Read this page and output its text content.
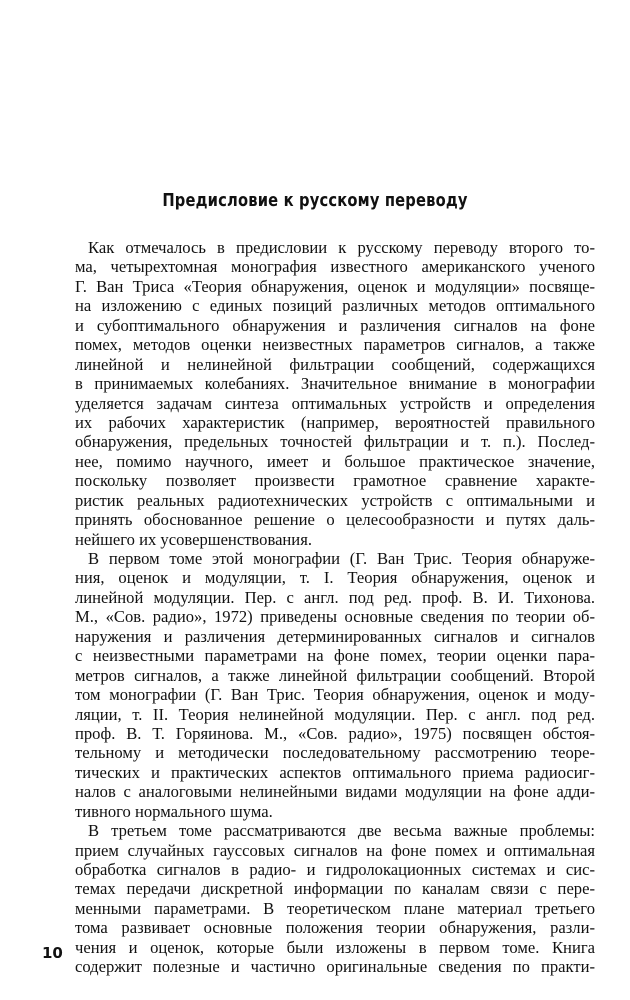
Предисловие к русскому переводу
Как отмечалось в предисловии к русскому переводу второго то-
ма, четырехтомная монография известного американского ученого
Г. Ван Триса «Теория обнаружения, оценок и модуляции» посвяще-
на изложению с единых позиций различных методов оптимального
и субоптимального обнаружения и различения сигналов на фоне
помех, методов оценки неизвестных параметров сигналов, а также
линейной и нелинейной фильтрации сообщений, содержащихся
в принимаемых колебаниях. Значительное внимание в монографии
уделяется задачам синтеза оптимальных устройств и определения
их рабочих характеристик (например, вероятностей правильного
обнаружения, предельных точностей фильтрации и т. п.). Послед-
нее, помимо научного, имеет и большое практическое значение,
поскольку позволяет произвести грамотное сравнение характе-
ристик реальных радиотехнических устройств с оптимальными и
принять обоснованное решение о целесообразности и путях даль-
нейшего их усовершенствования.
В первом томе этой монографии (Г. Ван Трис. Теория обнаруже-
ния, оценок и модуляции, т. I. Теория обнаружения, оценок и
линейной модуляции. Пер. с англ. под ред. проф. В. И. Тихонова.
М., «Сов. радио», 1972) приведены основные сведения по теории об-
наружения и различения детерминированных сигналов и сигналов
с неизвестными параметрами на фоне помех, теории оценки пара-
метров сигналов, а также линейной фильтрации сообщений. Второй
том монографии (Г. Ван Трис. Теория обнаружения, оценок и моду-
ляции, т. II. Теория нелинейной модуляции. Пер. с англ. под ред.
проф. В. Т. Горяинова. М., «Сов. радио», 1975) посвящен обстоя-
тельному и методически последовательному рассмотрению теоре-
тических и практических аспектов оптимального приема радиосиг-
налов с аналоговыми нелинейными видами модуляции на фоне адди-
тивного нормального шума.
В третьем томе рассматриваются две весьма важные проблемы:
прием случайных гауссовых сигналов на фоне помех и оптимальная
обработка сигналов в радио- и гидролокационных системах и сис-
темах передачи дискретной информации по каналам связи с пере-
менными параметрами. В теоретическом плане материал третьего
тома развивает основные положения теории обнаружения, разли-
чения и оценок, которые были изложены в первом томе. Книга
содержит полезные и частично оригинальные сведения по практи-
10
